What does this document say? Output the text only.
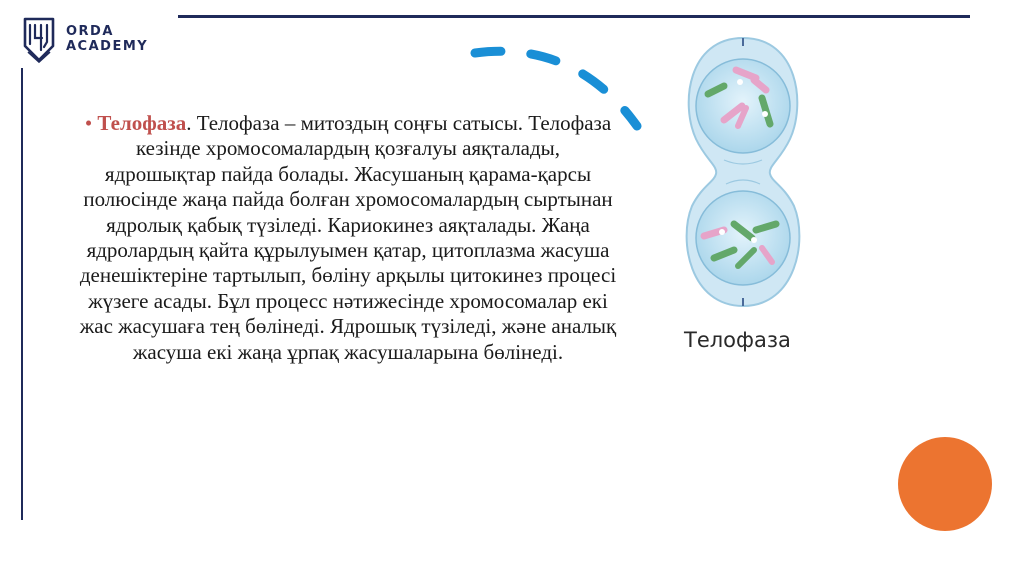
ORDA
ACADEMY
• Телофаза. Телофаза – митоздың соңғы сатысы. Телофаза кезінде хромосомалардың қозғалуы аяқталады, ядрошықтар пайда болады. Жасушаның қарама-қарсы полюсінде жаңа пайда болған хромосомалардың сыртынан ядролық қабық түзіледі. Кариокинез аяқталады. Жаңа ядролардың қайта құрылуымен қатар, цитоплазма жасуша денешіктеріне тартылып, бөліну арқылы цитокинез процесі жүзеге асады. Бұл процесс нәтижесінде хромосомалар екі жас жасушаға тең бөлінеді. Ядрошық түзіледі, және аналық жасуша екі жаңа ұрпақ жасушаларына бөлінеді.	Телофаза
